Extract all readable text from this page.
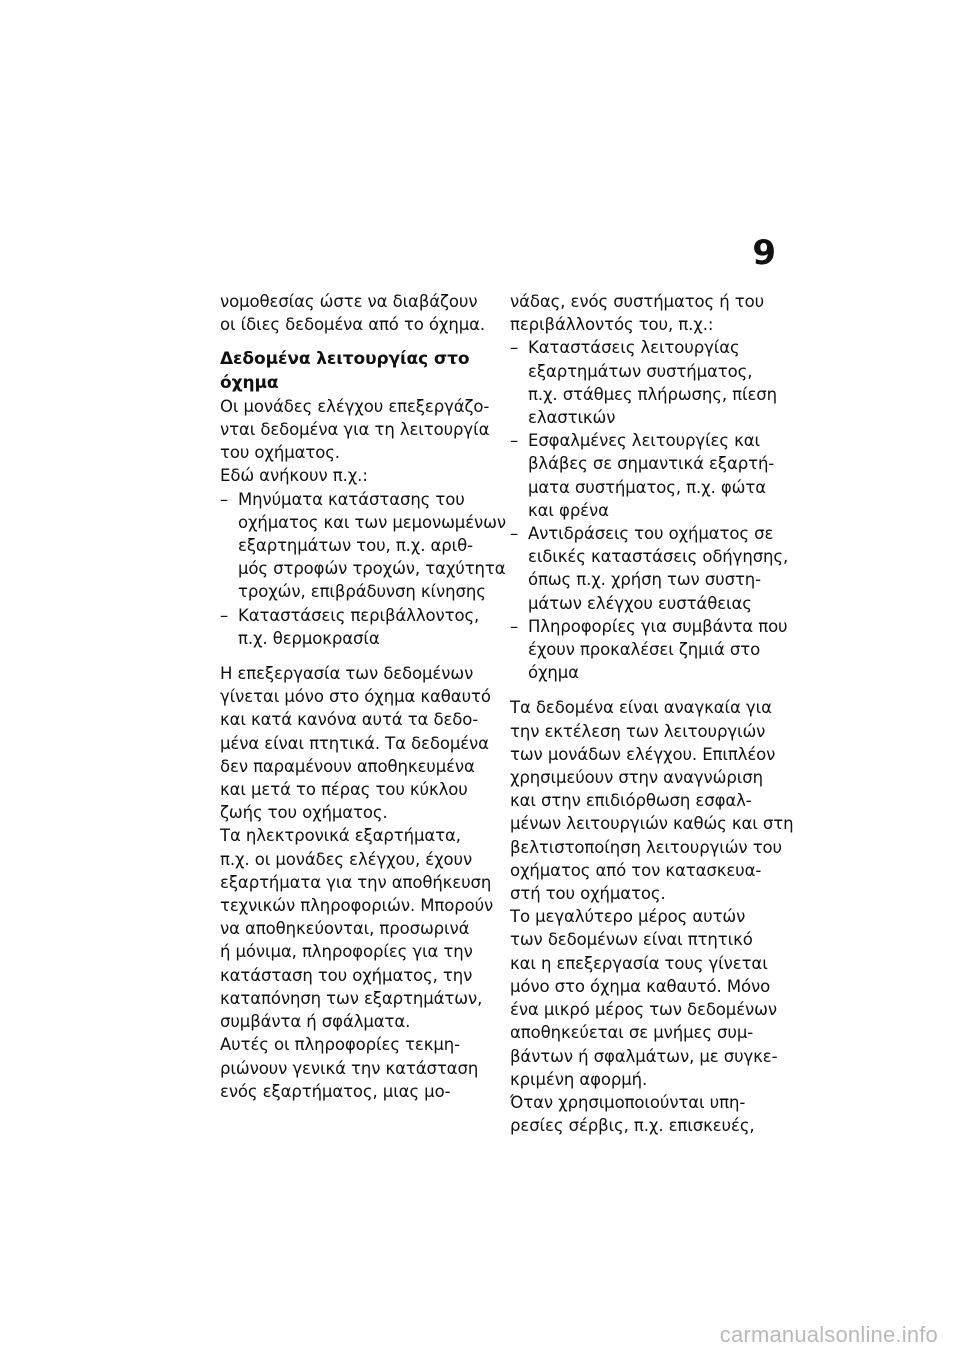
9
νομοθεσίας ώστε να διαβάζουν
οι ίδιες δεδομένα από το όχημα.
Δεδομένα λειτουργίας στο
όχημα
Οι μονάδες ελέγχου επεξεργάζο-
νται δεδομένα για τη λειτουργία
του οχήματος.
Εδώ ανήκουν π.χ.:
– Μηνύματα κατάστασης του
οχήματος και των μεμονωμένων
εξαρτημάτων του, π.χ. αριθ-
μός στροφών τροχών, ταχύτητα
τροχών, επιβράδυνση κίνησης
– Καταστάσεις περιβάλλοντος,
π.χ. θερμοκρασία
Η επεξεργασία των δεδομένων
γίνεται μόνο στο όχημα καθαυτό
και κατά κανόνα αυτά τα δεδο-
μένα είναι πτητικά. Τα δεδομένα
δεν παραμένουν αποθηκευμένα
και μετά το πέρας του κύκλου
ζωής του οχήματος.
Τα ηλεκτρονικά εξαρτήματα,
π.χ. οι μονάδες ελέγχου, έχουν
εξαρτήματα για την αποθήκευση
τεχνικών πληροφοριών. Μπορούν
να αποθηκεύονται, προσωρινά
ή μόνιμα, πληροφορίες για την
κατάσταση του οχήματος, την
καταπόνηση των εξαρτημάτων,
συμβάντα ή σφάλματα.
Αυτές οι πληροφορίες τεκμη-
ριώνουν γενικά την κατάσταση
ενός εξαρτήματος, μιας μο-
νάδας, ενός συστήματος ή του
περιβάλλοντός του, π.χ.:
– Καταστάσεις λειτουργίας
εξαρτημάτων συστήματος,
π.χ. στάθμες πλήρωσης, πίεση
ελαστικών
– Εσφαλμένες λειτουργίες και
βλάβες σε σημαντικά εξαρτή-
ματα συστήματος, π.χ. φώτα
και φρένα
– Αντιδράσεις του οχήματος σε
ειδικές καταστάσεις οδήγησης,
όπως π.χ. χρήση των συστη-
μάτων ελέγχου ευστάθειας
– Πληροφορίες για συμβάντα που
έχουν προκαλέσει ζημιά στο
όχημα
Τα δεδομένα είναι αναγκαία για
την εκτέλεση των λειτουργιών
των μονάδων ελέγχου. Επιπλέον
χρησιμεύουν στην αναγνώριση
και στην επιδιόρθωση εσφαλ-
μένων λειτουργιών καθώς και στη
βελτιστοποίηση λειτουργιών του
οχήματος από τον κατασκευα-
στή του οχήματος.
Το μεγαλύτερο μέρος αυτών
των δεδομένων είναι πτητικό
και η επεξεργασία τους γίνεται
μόνο στο όχημα καθαυτό. Μόνο
ένα μικρό μέρος των δεδομένων
αποθηκεύεται σε μνήμες συμ-
βάντων ή σφαλμάτων, με συγκε-
κριμένη αφορμή.
Όταν χρησιμοποιούνται υπη-
ρεσίες σέρβις, π.χ. επισκευές,
carmanualsonline.info
